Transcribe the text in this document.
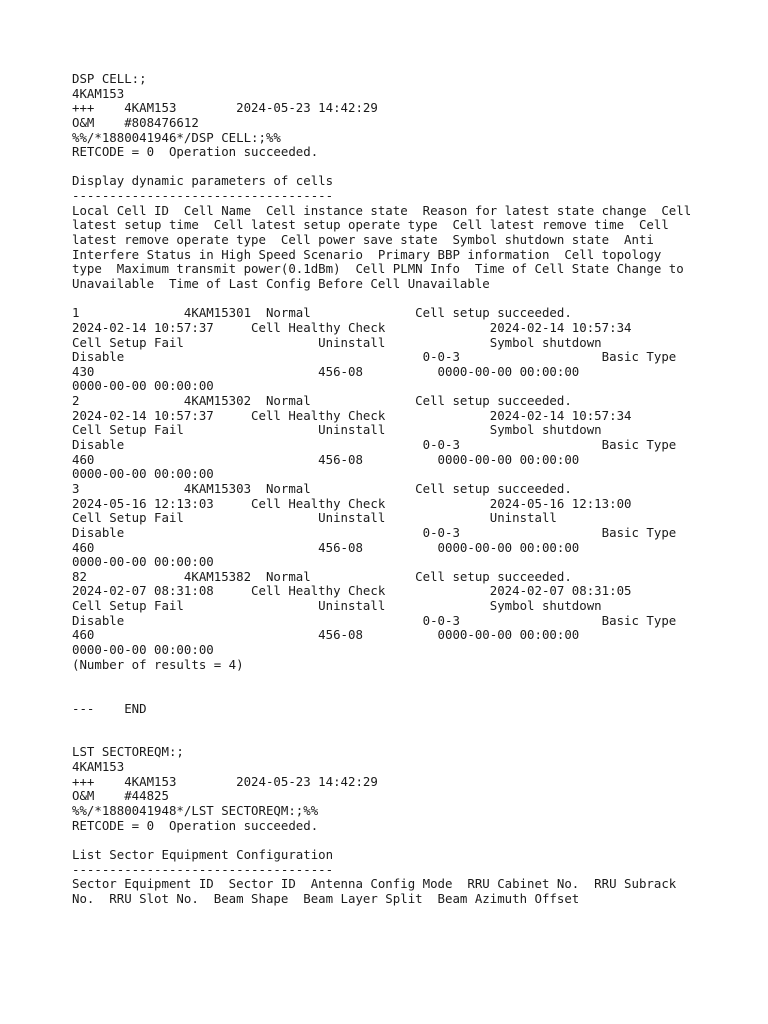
DSP CELL:;
4KAM153
+++    4KAM153        2024-05-23 14:42:29
O&M    #808476612
%%/*1880041946*/DSP CELL:;%%
RETCODE = 0  Operation succeeded.
Display dynamic parameters of cells
-----------------------------------
Local Cell ID  Cell Name  Cell instance state  Reason for latest state change  Cell
latest setup time  Cell latest setup operate type  Cell latest remove time  Cell
latest remove operate type  Cell power save state  Symbol shutdown state  Anti
Interfere Status in High Speed Scenario  Primary BBP information  Cell topology
type  Maximum transmit power(0.1dBm)  Cell PLMN Info  Time of Cell State Change to
Unavailable  Time of Last Config Before Cell Unavailable
1              4KAM15301  Normal              Cell setup succeeded.
2024-02-14 10:57:37     Cell Healthy Check              2024-02-14 10:57:34
Cell Setup Fail                  Uninstall              Symbol shutdown
Disable                                        0-0-3                   Basic Type
430                              456-08          0000-00-00 00:00:00
0000-00-00 00:00:00
2              4KAM15302  Normal              Cell setup succeeded.
2024-02-14 10:57:37     Cell Healthy Check              2024-02-14 10:57:34
Cell Setup Fail                  Uninstall              Symbol shutdown
Disable                                        0-0-3                   Basic Type
460                              456-08          0000-00-00 00:00:00
0000-00-00 00:00:00
3              4KAM15303  Normal              Cell setup succeeded.
2024-05-16 12:13:03     Cell Healthy Check              2024-05-16 12:13:00
Cell Setup Fail                  Uninstall              Uninstall
Disable                                        0-0-3                   Basic Type
460                              456-08          0000-00-00 00:00:00
0000-00-00 00:00:00
82             4KAM15382  Normal              Cell setup succeeded.
2024-02-07 08:31:08     Cell Healthy Check              2024-02-07 08:31:05
Cell Setup Fail                  Uninstall              Symbol shutdown
Disable                                        0-0-3                   Basic Type
460                              456-08          0000-00-00 00:00:00
0000-00-00 00:00:00
(Number of results = 4)
---    END
LST SECTOREQM:;
4KAM153
+++    4KAM153        2024-05-23 14:42:29
O&M    #44825
%%/*1880041948*/LST SECTOREQM:;%%
RETCODE = 0  Operation succeeded.
List Sector Equipment Configuration
-----------------------------------
Sector Equipment ID  Sector ID  Antenna Config Mode  RRU Cabinet No.  RRU Subrack
No.  RRU Slot No.  Beam Shape  Beam Layer Split  Beam Azimuth Offset
